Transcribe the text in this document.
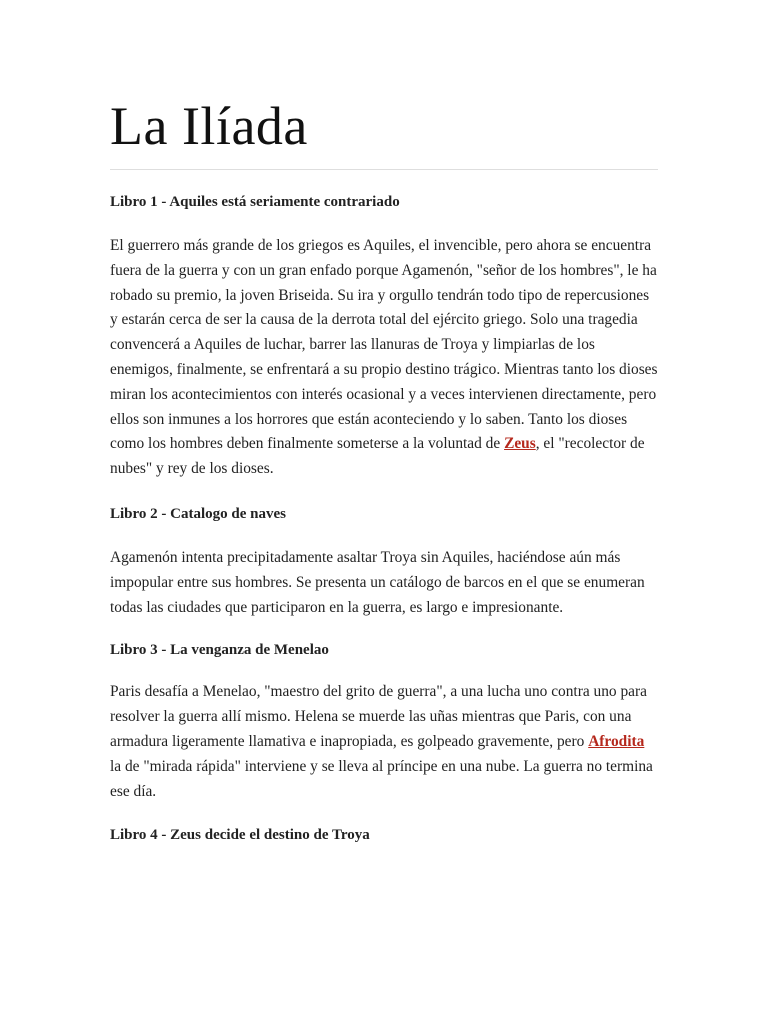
La Ilíada
Libro 1 - Aquiles está seriamente contrariado

El guerrero más grande de los griegos es Aquiles, el invencible, pero ahora se encuentra fuera de la guerra y con un gran enfado porque Agamenón, "señor de los hombres", le ha robado su premio, la joven Briseida. Su ira y orgullo tendrán todo tipo de repercusiones y estarán cerca de ser la causa de la derrota total del ejército griego. Solo una tragedia convencerá a Aquiles de luchar, barrer las llanuras de Troya y limpiarlas de los enemigos, finalmente, se enfrentará a su propio destino trágico. Mientras tanto los dioses miran los acontecimientos con interés ocasional y a veces intervienen directamente, pero ellos son inmunes a los horrores que están aconteciendo y lo saben. Tanto los dioses como los hombres deben finalmente someterse a la voluntad de Zeus, el "recolector de nubes" y rey de los dioses.

Libro 2 - Catalogo de naves

Agamenón intenta precipitadamente asaltar Troya sin Aquiles, haciéndose aún más impopular entre sus hombres. Se presenta un catálogo de barcos en el que se enumeran todas las ciudades que participaron en la guerra, es largo e impresionante.

Libro 3 - La venganza de Menelao

Paris desafía a Menelao, "maestro del grito de guerra", a una lucha uno contra uno para resolver la guerra allí mismo. Helena se muerde las uñas mientras que Paris, con una armadura ligeramente llamativa e inapropiada, es golpeado gravemente, pero Afrodita la de "mirada rápida" interviene y se lleva al príncipe en una nube. La guerra no termina ese día.

Libro 4 - Zeus decide el destino de Troya
